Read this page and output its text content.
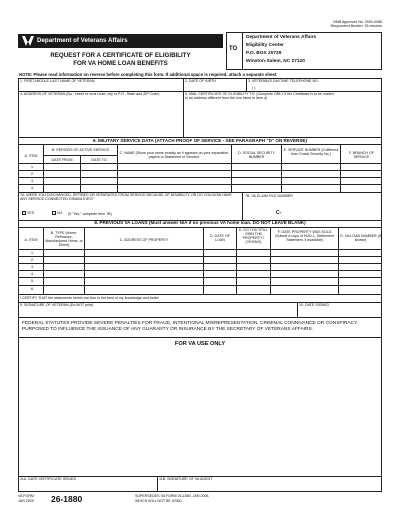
OMB Approved No. 2900-0086
Respondent Burden: 15 minutes
Department of Veterans Affairs
REQUEST FOR A CERTIFICATE OF ELIGIBILITY
FOR VA HOME LOAN BENEFITS
TO
Department of Veterans Affairs
Eligibility Center
P.O. BOX 20729
Winston-Salem, NC 27120
NOTE: Please read information on reverse before completing this form. If additional space is required, attach a separate sheet.
1. FIRST-MIDDLE-LAST NAME OF VETERAN	2. DATE OF BIRTH	3. VETERAN'S DAYTIME TELEPHONE NO.
( )
4. ADDRESS OF VETERAN (No., street or rural route, city or P.O., State and ZIP Code)	5. MAIL CERTIFICATE OF ELIGIBILITY TO: (Complete ONLY if the Certificate is to be mailed to an address different from the one listed in Item 4)
6. MILITARY SERVICE DATA (ATTACH PROOF OF SERVICE - SEE PARAGRAPH "D" ON REVERSE)
A. ITEM
B. PERIODS OF ACTIVE SERVICE
DATE FROM	DATE TO
C. NAME (Show your name exactly as it appears on your separation papers or Statement of Service)
D. SOCIAL SECURITY NUMBER
E. SERVICE NUMBER (If different from Social Security No.)	F. BRANCH OF SERVICE
1.
2.
3.
4.
7A. WERE YOU DISCHARGED, RETIRED OR SEPARATED FROM SERVICE BECAUSE OF DISABILITY OR DO YOU NOW HAVE ANY SERVICE-CONNECTED DISABILITIES?
7B. VA CLAIM FILE NUMBER
YES	NO (If "Yes," complete Item 7B)	C-
8. PREVIOUS VA LOANS (Must answer N/A if no previous VA home loan. DO NOT LEAVE BLANK)
A. ITEM
B. TYPE (Home, Refinance, Manufactured Home, or Direct)
C. ADDRESS OF PROPERTY
D. DATE OF LOAN
E. DO YOU STILL OWN THE PROPERTY? (YES/NO)
F. DATE PROPERTY WAS SOLD (Submit a copy of HUD-1, Settlement Statement, if available)
G. VA LOAN NUMBER (If known)
1.
2.
3.
4.
5.
6.
I CERTIFY THAT the statements herein are true to the best of my knowledge and belief.
9. SIGNATURE OF VETERAN (Do NOT print)	10. DATE SIGNED
FEDERAL STATUTES PROVIDE SEVERE PENALTIES FOR FRAUD, INTENTIONAL MISREPRESENTATION, CRIMINAL CONNIVANCE OR CONSPIRACY PURPOSED TO INFLUENCE THE ISSUANCE OF ANY GUARANTY OR INSURANCE BY THE SECRETARY OF VETERANS AFFAIRS.
FOR VA USE ONLY
11A. DATE CERTIFICATE ISSUED	11B. SIGNATURE OF VA AGENT
VA FORM
JAN 2009 26-1880	SUPERSEDES VA FORM 26-1880, JAN 2005,
WHICH WILL NOT BE USED.
